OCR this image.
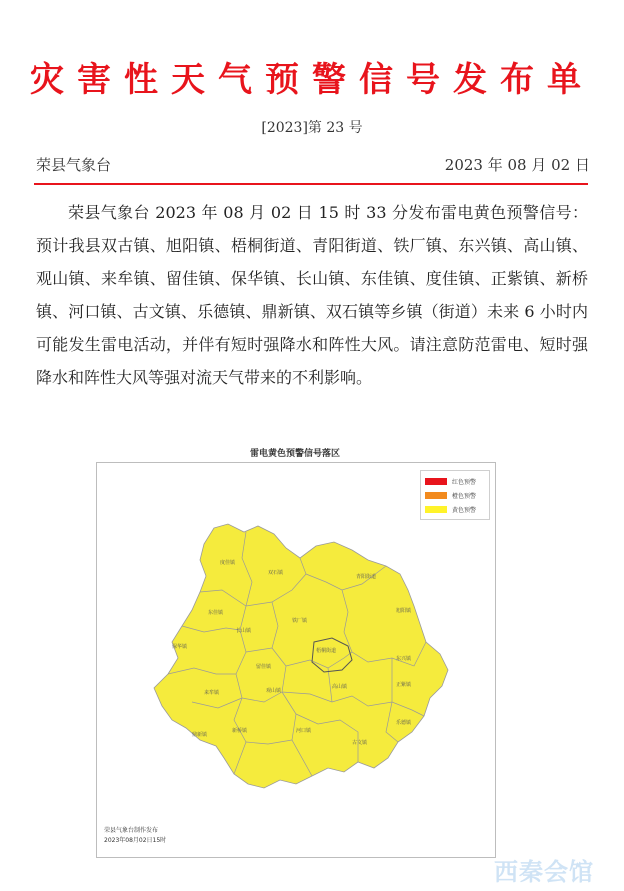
灾害性天气预警信号发布单
[2023]第 23 号
荣县气象台	2023 年 08 月 02 日

荣县气象台 2023 年 08 月 02 日 15 时 33 分发布雷电黄色预警信号：预计我县双古镇、旭阳镇、梧桐街道、青阳街道、铁厂镇、东兴镇、高山镇、观山镇、来牟镇、留佳镇、保华镇、长山镇、东佳镇、度佳镇、正紫镇、新桥镇、河口镇、古文镇、乐德镇、鼎新镇、双石镇等乡镇（街道）未来 6 小时内可能发生雷电活动，并伴有短时强降水和阵性大风。请注意防范雷电、短时强降水和阵性大风等强对流天气带来的不利影响。

雷电黄色预警信号落区
度佳镇
双石镇
东佳镇
长山镇
铁厂镇
青阳街道
旭阳镇
保华镇
梧桐街道
东兴镇
留佳镇
来牟镇	观山镇
高山镇	正紫镇
新桥镇	河口镇
古文镇
乐德镇
鼎新镇
红色预警
橙色预警
黄色预警
荣县气象台制作发布
2023年08月02日15时
西秦会馆
